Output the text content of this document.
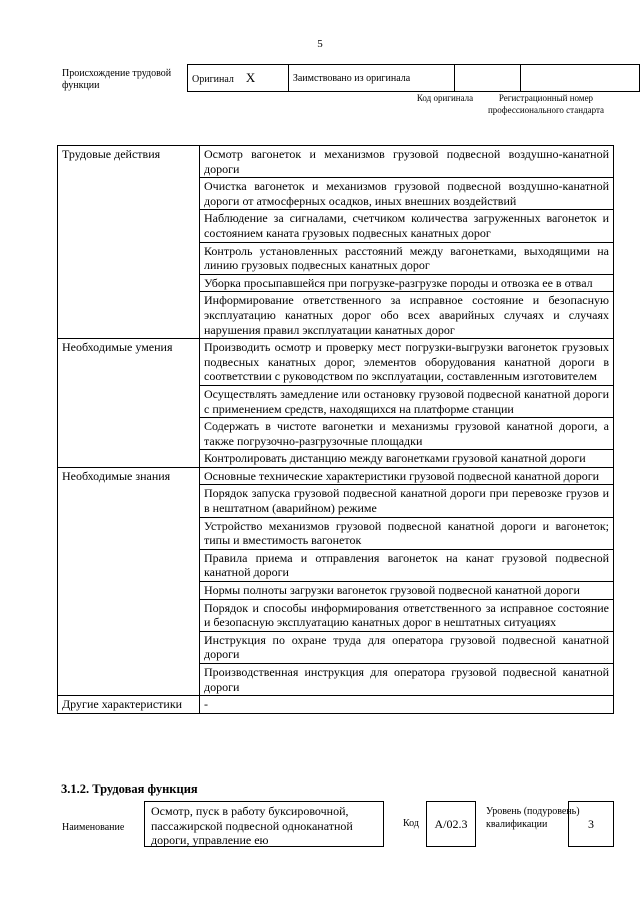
5
Происхождение трудовой функции
Оригинал X	Заимствовано из оригинала		
Код оригинала	Регистрационный номер профессионального стандарта
Трудовые действия	Осмотр вагонеток и механизмов грузовой подвесной воздушно-канатной дороги
	Очистка вагонеток и механизмов грузовой подвесной воздушно-канатной дороги от атмосферных осадков, иных внешних воздействий
	Наблюдение за сигналами, счетчиком количества загруженных вагонеток и состоянием каната грузовых подвесных канатных дорог
	Контроль установленных расстояний между вагонетками, выходящими на линию грузовых подвесных канатных дорог
	Уборка просыпавшейся при погрузке-разгрузке породы и отвозка ее в отвал
	Информирование ответственного за исправное состояние и безопасную эксплуатацию канатных дорог обо всех аварийных случаях и случаях нарушения правил эксплуатации канатных дорог
Необходимые умения	Производить осмотр и проверку мест погрузки-выгрузки вагонеток грузовых подвесных канатных дорог, элементов оборудования канатной дороги в соответствии с руководством по эксплуатации, составленным изготовителем
	Осуществлять замедление или остановку грузовой подвесной канатной дороги с применением средств, находящихся на платформе станции
	Содержать в чистоте вагонетки и механизмы грузовой канатной дороги, а также погрузочно-разгрузочные площадки
	Контролировать дистанцию между вагонетками грузовой канатной дороги
Необходимые знания	Основные технические характеристики грузовой подвесной канатной дороги
	Порядок запуска грузовой подвесной канатной дороги при перевозке грузов и в нештатном (аварийном) режиме
	Устройство механизмов грузовой подвесной канатной дороги и вагонеток; типы и вместимость вагонеток
	Правила приема и отправления вагонеток на канат грузовой подвесной канатной дороги
	Нормы полноты загрузки вагонеток грузовой подвесной канатной дороги
	Порядок и способы информирования ответственного за исправное состояние и безопасную эксплуатацию канатных дорог в нештатных ситуациях
	Инструкция по охране труда для оператора грузовой подвесной канатной дороги
	Производственная инструкция для оператора грузовой подвесной канатной дороги
Другие характеристики	-
3.1.2. Трудовая функция
Наименование
Осмотр, пуск в работу буксировочной, пассажирской подвесной одноканатной дороги, управление ею
Код	А/02.3
Уровень (подуровень) квалификации	3
